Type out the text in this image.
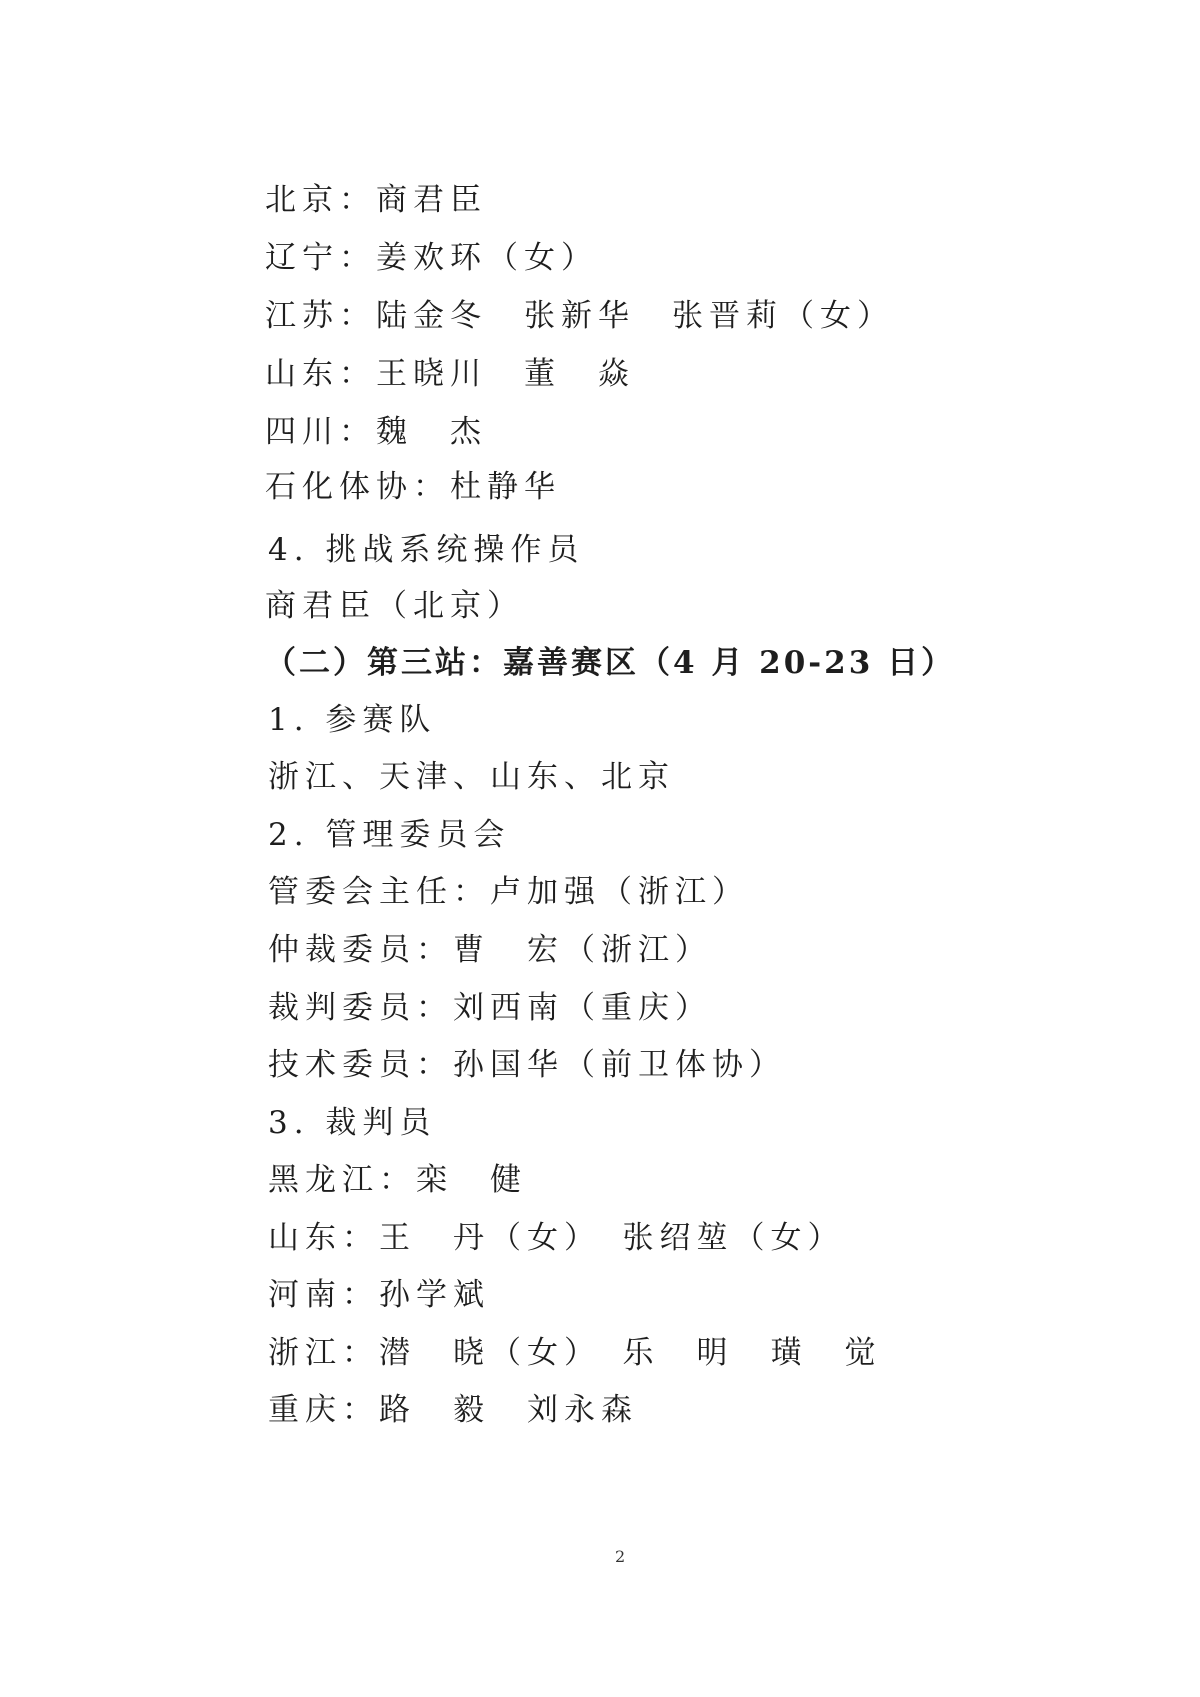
北京：商君臣
辽宁：姜欢环（女）
江苏：陆金冬　张新华　张晋莉（女）
山东：王晓川　董　焱
四川：魏　杰
石化体协：杜静华
4. 挑战系统操作员
商君臣（北京）
（二）第三站：嘉善赛区（4 月 20-23 日）
1. 参赛队
浙江、天津、山东、北京
2. 管理委员会
管委会主任：卢加强（浙江）
仲裁委员：曹　宏（浙江）
裁判委员：刘西南（重庆）
技术委员：孙国华（前卫体协）
3. 裁判员
黑龙江：栾　健
山东：王　丹（女）　张绍堃（女）
河南：孙学斌
浙江：潜　晓（女）　乐　明　璜　觉
重庆：路　毅　刘永森
2
